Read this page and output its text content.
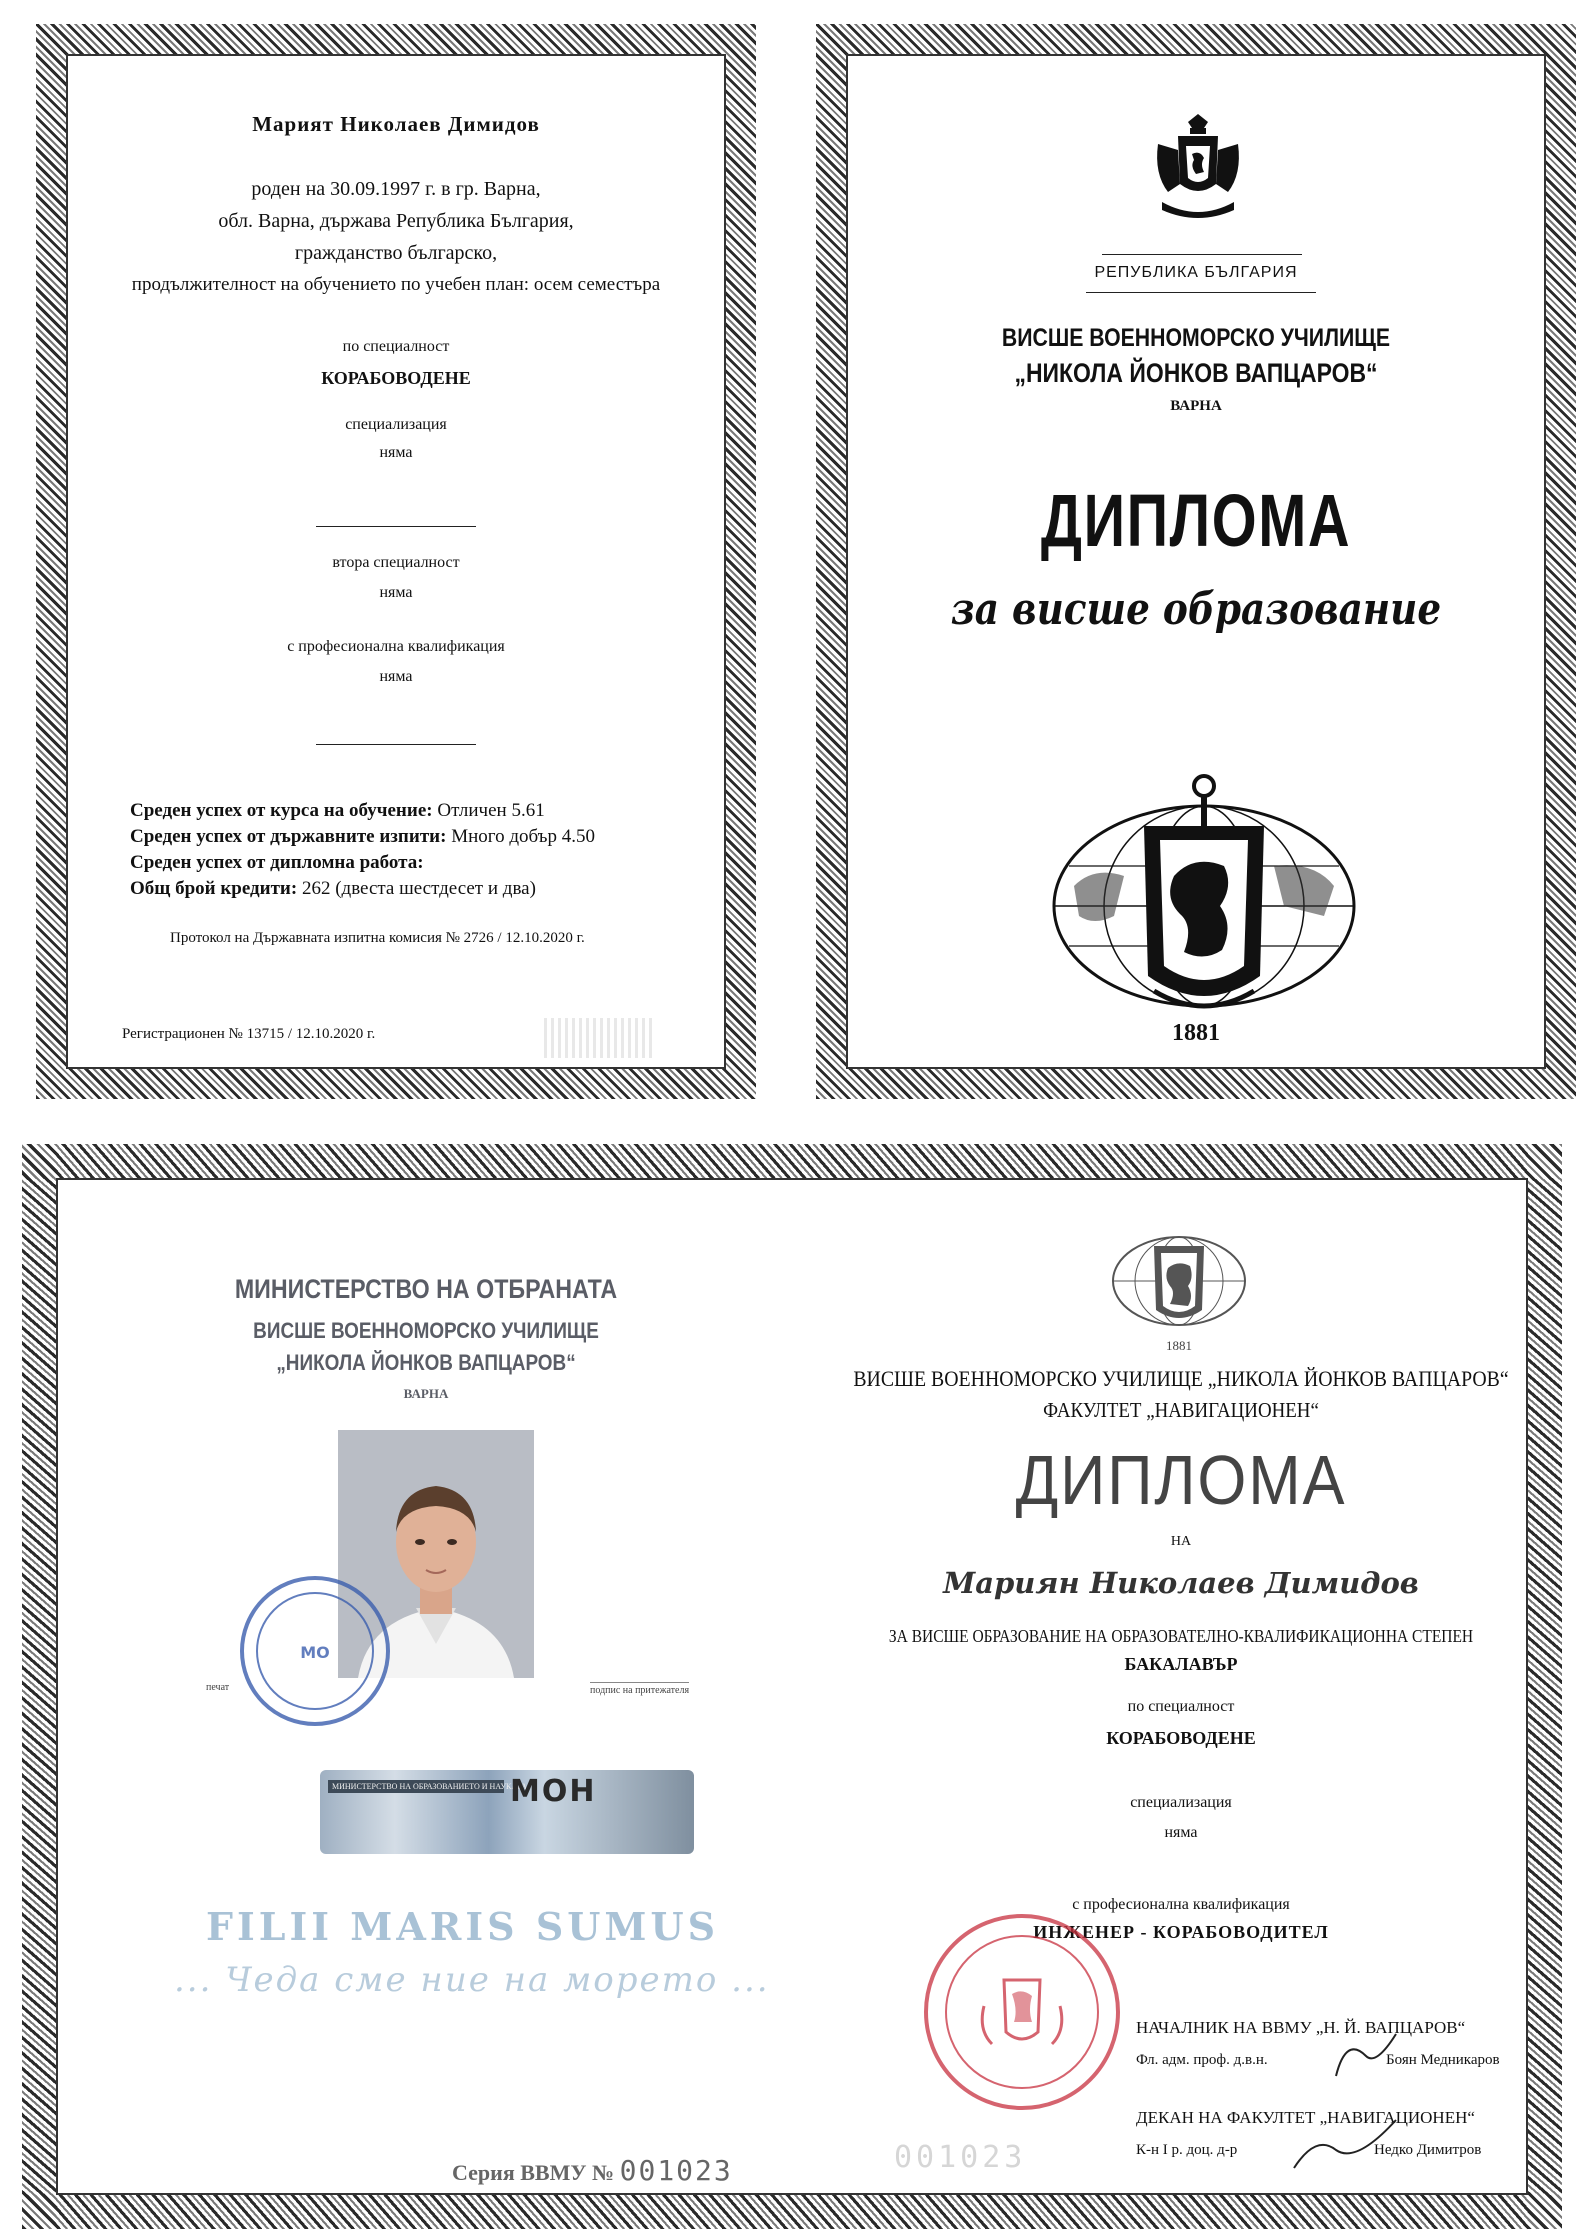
Марият Николаев Димидов
роден на 30.09.1997 г. в гр. Варна,
обл. Варна, държава Република България,
гражданство българско,
продължителност на обучението по учебен план: осем семестъра
по специалност
КОРАБОВОДЕНЕ
специализация
няма
втора специалност
няма
с професионална квалификация
няма
Среден успех от курса на обучение: Отличен 5.61
Среден успех от държавните изпити: Много добър 4.50
Среден успех от дипломна работа:
Общ брой кредити: 262 (двеста шестдесет и два)
Протокол на Държавната изпитна комисия № 2726 / 12.10.2020 г.
Регистрационен № 13715 / 12.10.2020 г.
РЕПУБЛИКА БЪЛГАРИЯ
ВИСШЕ ВОЕННОМОРСКО УЧИЛИЩЕ
„НИКОЛА ЙОНКОВ ВАПЦАРОВ“
ВАРНА
ДИПЛОМА
за висше образование
1881
МИНИСТЕРСТВО НА ОТБРАНАТА
ВИСШЕ ВОЕННОМОРСКО УЧИЛИЩЕ
„НИКОЛА ЙОНКОВ ВАПЦАРОВ“
ВАРНА
МО
печат	подпис на притежателя
МИНИСТЕРСТВО НА ОБРАЗОВАНИЕТО И НАУКАТА
МОН
FILII MARIS SUMUS
... Чеда сме ние на морето ...
Серия ВВМУ № 001023
1881
ВИСШЕ ВОЕННОМОРСКО УЧИЛИЩЕ „НИКОЛА ЙОНКОВ ВАПЦАРОВ“
ФАКУЛТЕТ „НАВИГАЦИОНЕН“
ДИПЛОМА
НА
Мариян Николаев Димидов
ЗА ВИСШЕ ОБРАЗОВАНИЕ НА ОБРАЗОВАТЕЛНО-КВАЛИФИКАЦИОННА СТЕПЕН
БАКАЛАВЪР
по специалност
КОРАБОВОДЕНЕ
специализация
няма
с професионална квалификация
ИНЖЕНЕР - КОРАБОВОДИТЕЛ
НАЧАЛНИК НА ВВМУ „Н. Й. ВАПЦАРОВ“
Фл. адм. проф. д.в.н.	Боян Медникаров
ДЕКАН НА ФАКУЛТЕТ „НАВИГАЦИОНЕН“
К-н I р. доц. д-р	Недко Димитров
001023
